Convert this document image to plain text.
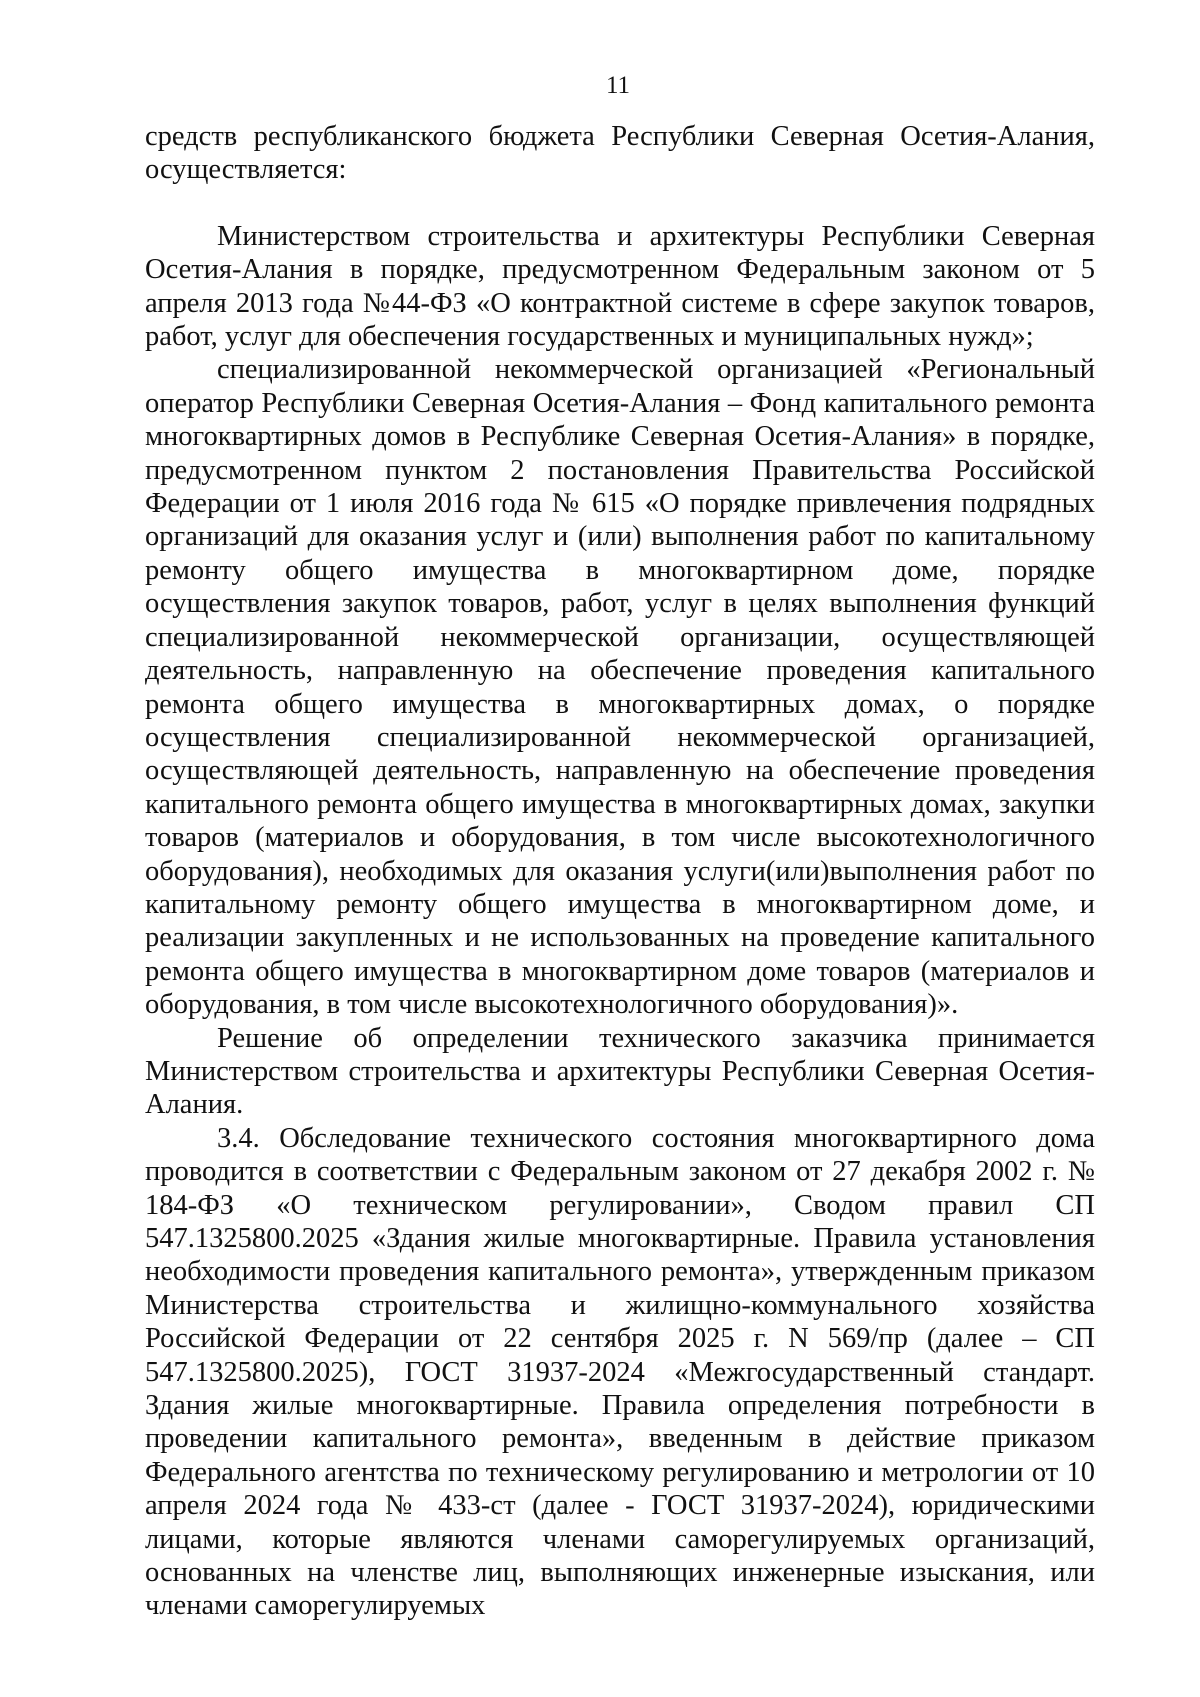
11

средств республиканского бюджета Республики Северная Осетия-Алания, осуществляется:

Министерством строительства и архитектуры Республики Северная Осетия-Алания в порядке, предусмотренном Федеральным законом от 5 апреля 2013 года №44-ФЗ «О контрактной системе в сфере закупок товаров, работ, услуг для обеспечения государственных и муниципальных нужд»;

специализированной некоммерческой организацией «Региональный оператор Республики Северная Осетия-Алания – Фонд капитального ремонта многоквартирных домов в Республике Северная Осетия-Алания» в порядке, предусмотренном пунктом 2 постановления Правительства Российской Федерации от 1 июля 2016 года № 615 «О порядке привлечения подрядных организаций для оказания услуг и (или) выполнения работ по капитальному ремонту общего имущества в многоквартирном доме, порядке осуществления закупок товаров, работ, услуг в целях выполнения функций специализированной некоммерческой организации, осуществляющей деятельность, направленную на обеспечение проведения капитального ремонта общего имущества в многоквартирных домах, о порядке осуществления специализированной некоммерческой организацией, осуществляющей деятельность, направленную на обеспечение проведения капитального ремонта общего имущества в многоквартирных домах, закупки товаров (материалов и оборудования, в том числе высокотехнологичного оборудования), необходимых для оказания услуги(или)выполнения работ по капитальному ремонту общего имущества в многоквартирном доме, и реализации закупленных и не использованных на проведение капитального ремонта общего имущества в многоквартирном доме товаров (материалов и оборудования, в том числе высокотехнологичного оборудования)».

Решение об определении технического заказчика принимается Министерством строительства и архитектуры Республики Северная Осетия-Алания.

3.4. Обследование технического состояния многоквартирного дома проводится в соответствии с Федеральным законом от 27 декабря 2002 г. № 184-ФЗ «О техническом регулировании», Сводом правил СП 547.1325800.2025 «Здания жилые многоквартирные. Правила установления необходимости проведения капитального ремонта», утвержденным приказом Министерства строительства и жилищно-коммунального хозяйства Российской Федерации от 22 сентября 2025 г. N 569/пр (далее – СП 547.1325800.2025), ГОСТ 31937-2024 «Межгосударственный стандарт. Здания жилые многоквартирные. Правила определения потребности в проведении капитального ремонта», введенным в действие приказом Федерального агентства по техническому регулированию и метрологии от 10 апреля 2024 года № 433-ст (далее - ГОСТ 31937-2024), юридическими лицами, которые являются членами саморегулируемых организаций, основанных на членстве лиц, выполняющих инженерные изыскания, или членами саморегулируемых
